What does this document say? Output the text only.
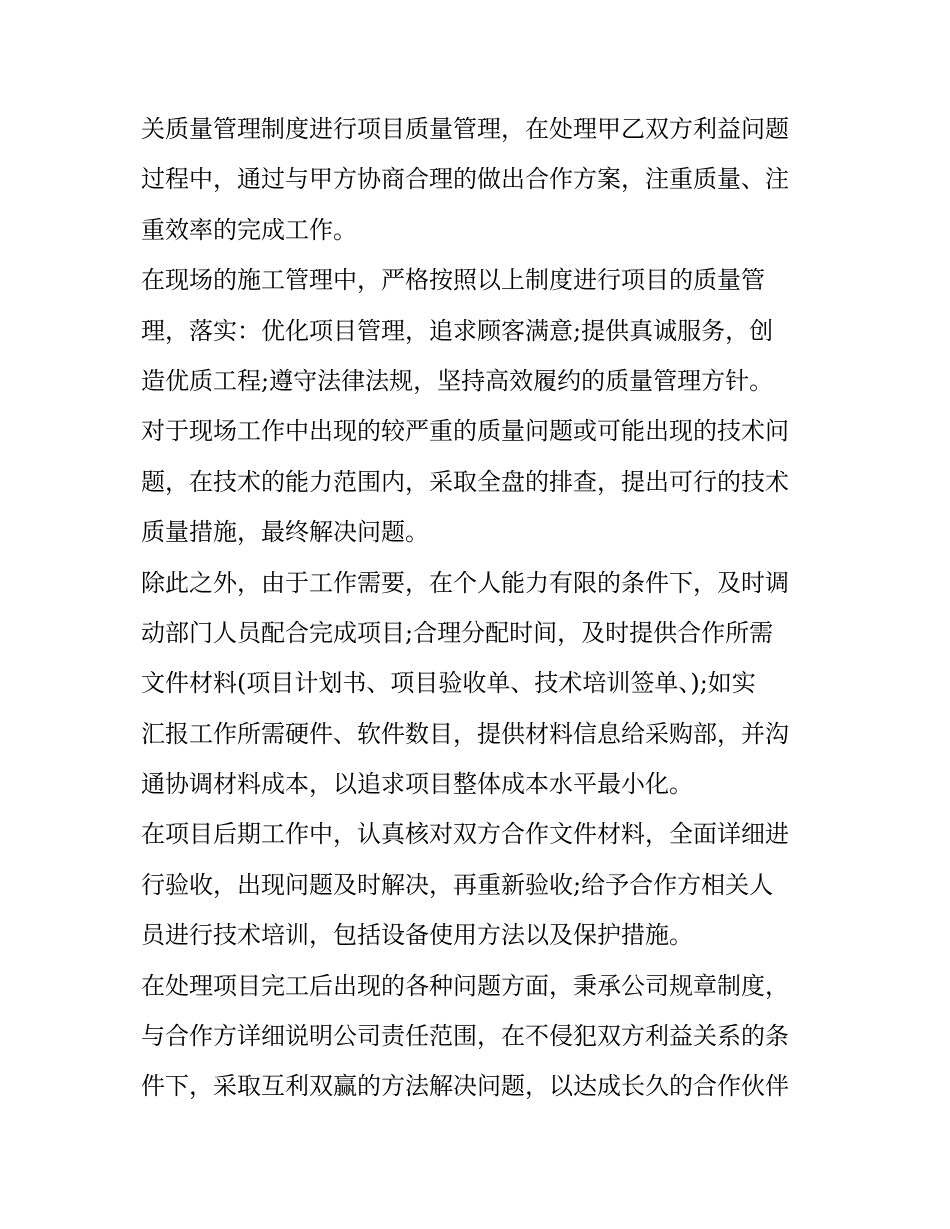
关质量管理制度进行项目质量管理，在处理甲乙双方利益问题
过程中，通过与甲方协商合理的做出合作方案，注重质量、注
重效率的完成工作。
在现场的施工管理中，严格按照以上制度进行项目的质量管
理，落实：优化项目管理，追求顾客满意;提供真诚服务，创
造优质工程;遵守法律法规，坚持高效履约的质量管理方针。
对于现场工作中出现的较严重的质量问题或可能出现的技术问
题，在技术的能力范围内，采取全盘的排查，提出可行的技术
质量措施，最终解决问题。
除此之外，由于工作需要，在个人能力有限的条件下，及时调
动部门人员配合完成项目;合理分配时间，及时提供合作所需
文件材料(项目计划书、项目验收单、技术培训签单、);如实
汇报工作所需硬件、软件数目，提供材料信息给采购部，并沟
通协调材料成本，以追求项目整体成本水平最小化。
在项目后期工作中，认真核对双方合作文件材料，全面详细进
行验收，出现问题及时解决，再重新验收;给予合作方相关人
员进行技术培训，包括设备使用方法以及保护措施。
在处理项目完工后出现的各种问题方面，秉承公司规章制度，
与合作方详细说明公司责任范围，在不侵犯双方利益关系的条
件下，采取互利双赢的方法解决问题，以达成长久的合作伙伴
